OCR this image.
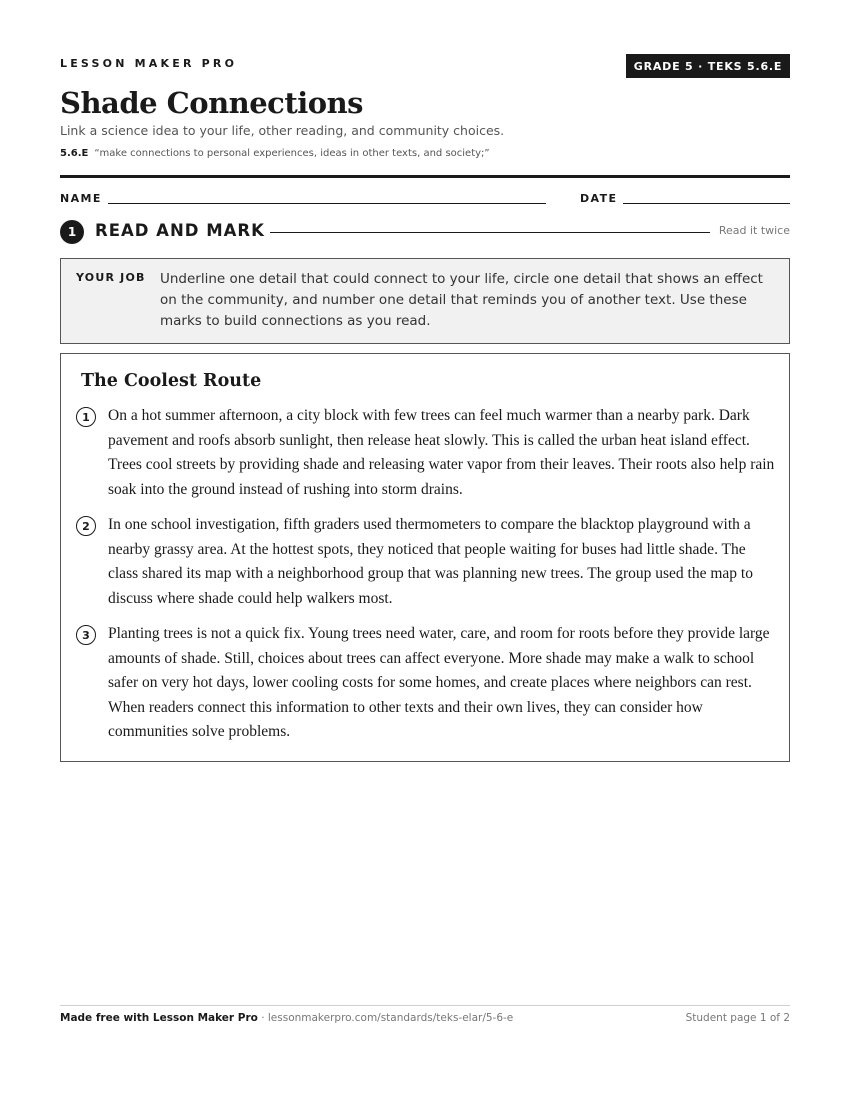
LESSON MAKER PRO	GRADE 5 · TEKS 5.6.E
Shade Connections
Link a science idea to your life, other reading, and community choices.
5.6.E “make connections to personal experiences, ideas in other texts, and society;”
NAME	DATE
1	READ AND MARK	Read it twice
YOUR JOB Underline one detail that could connect to your life, circle one detail that shows an effect on the community, and number one detail that reminds you of another text. Use these marks to build connections as you read.
The Coolest Route
1	On a hot summer afternoon, a city block with few trees can feel much warmer than a nearby park. Dark pavement and roofs absorb sunlight, then release heat slowly. This is called the urban heat island effect. Trees cool streets by providing shade and releasing water vapor from their leaves. Their roots also help rain soak into the ground instead of rushing into storm drains.
2	In one school investigation, fifth graders used thermometers to compare the blacktop playground with a nearby grassy area. At the hottest spots, they noticed that people waiting for buses had little shade. The class shared its map with a neighborhood group that was planning new trees. The group used the map to discuss where shade could help walkers most.
3	Planting trees is not a quick fix. Young trees need water, care, and room for roots before they provide large amounts of shade. Still, choices about trees can affect everyone. More shade may make a walk to school safer on very hot days, lower cooling costs for some homes, and create places where neighbors can rest. When readers connect this information to other texts and their own lives, they can consider how communities solve problems.
Made free with Lesson Maker Pro · lessonmakerpro.com/standards/teks-elar/5-6-e	Student page 1 of 2
